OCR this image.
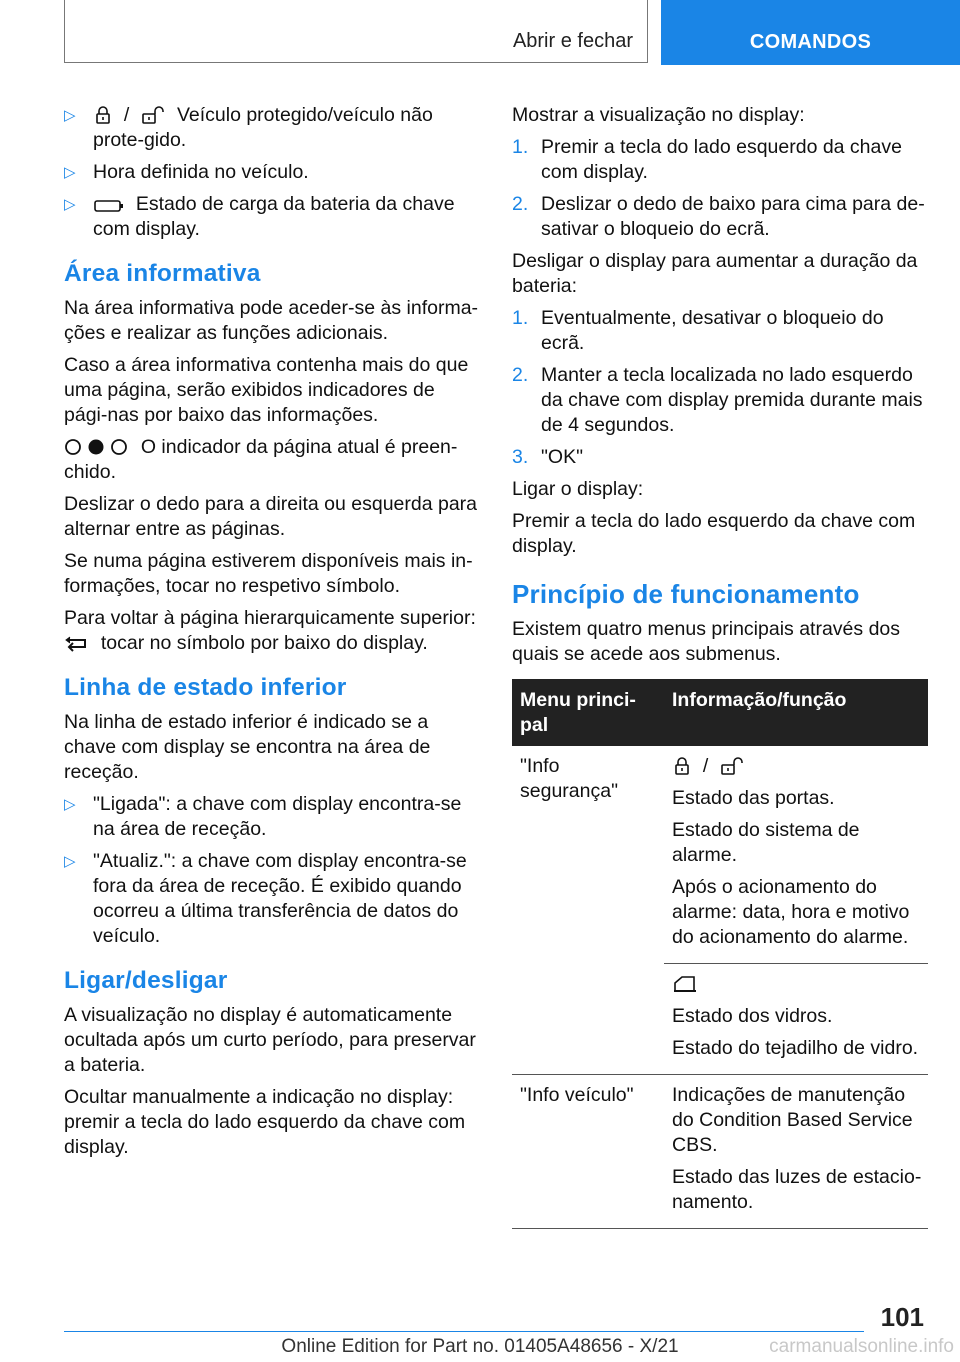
Abrir e fechar	COMANDOS
▷ / Veículo protegido/veículo não prote-gido.
▷ Hora definida no veículo.
▷	Estado de carga da bateria da chave com display.
Área informativa

Na área informativa pode aceder-se às informa-ções e realizar as funções adicionais.

Caso a área informativa contenha mais do que uma página, serão exibidos indicadores de pági-nas por baixo das informações.

O indicador da página atual é preen-chido.

Deslizar o dedo para a direita ou esquerda para alternar entre as páginas.

Se numa página estiverem disponíveis mais in-formações, tocar no respetivo símbolo.

Para voltar à página hierarquicamente superior:
tocar no símbolo por baixo do display.

Linha de estado inferior

Na linha de estado inferior é indicado se a chave com display se encontra na área de receção.

▷ "Ligada": a chave com display encontra-se na área de receção.
▷ "Atualiz.": a chave com display encontra-se fora da área de receção. É exibido quando ocorreu a última transferência de datos do veículo.
Ligar/desligar

A visualização no display é automaticamente ocultada após um curto período, para preservar a bateria.

Ocultar manualmente a indicação no display: premir a tecla do lado esquerdo da chave com display.

Mostrar a visualização no display:

1. Premir a tecla do lado esquerdo da chave com display.
2. Deslizar o dedo de baixo para cima para de-sativar o bloqueio do ecrã.

Desligar o display para aumentar a duração da bateria:

1. Eventualmente, desativar o bloqueio do ecrã.
2. Manter a tecla localizada no lado esquerdo da chave com display premida durante mais de 4 segundos.
3. "OK"

Ligar o display:

Premir a tecla do lado esquerdo da chave com display.

Princípio de funcionamento

Existem quatro menus principais através dos quais se acede aos submenus.

Menu princi-pal	Informação/função
"Info segurança"	/

Estado das portas.

Estado do sistema de alarme.

Após o acionamento do alarme: data, hora e motivo do acionamento do alarme.

	Estado dos vidros.

Estado do tejadilho de vidro.

"Info veículo"	Indicações de manutenção do Condition Based Service CBS.

Estado das luzes de estacio-namento.

101
Online Edition for Part no. 01405A48656 - X/21	carmanualsonline.info
